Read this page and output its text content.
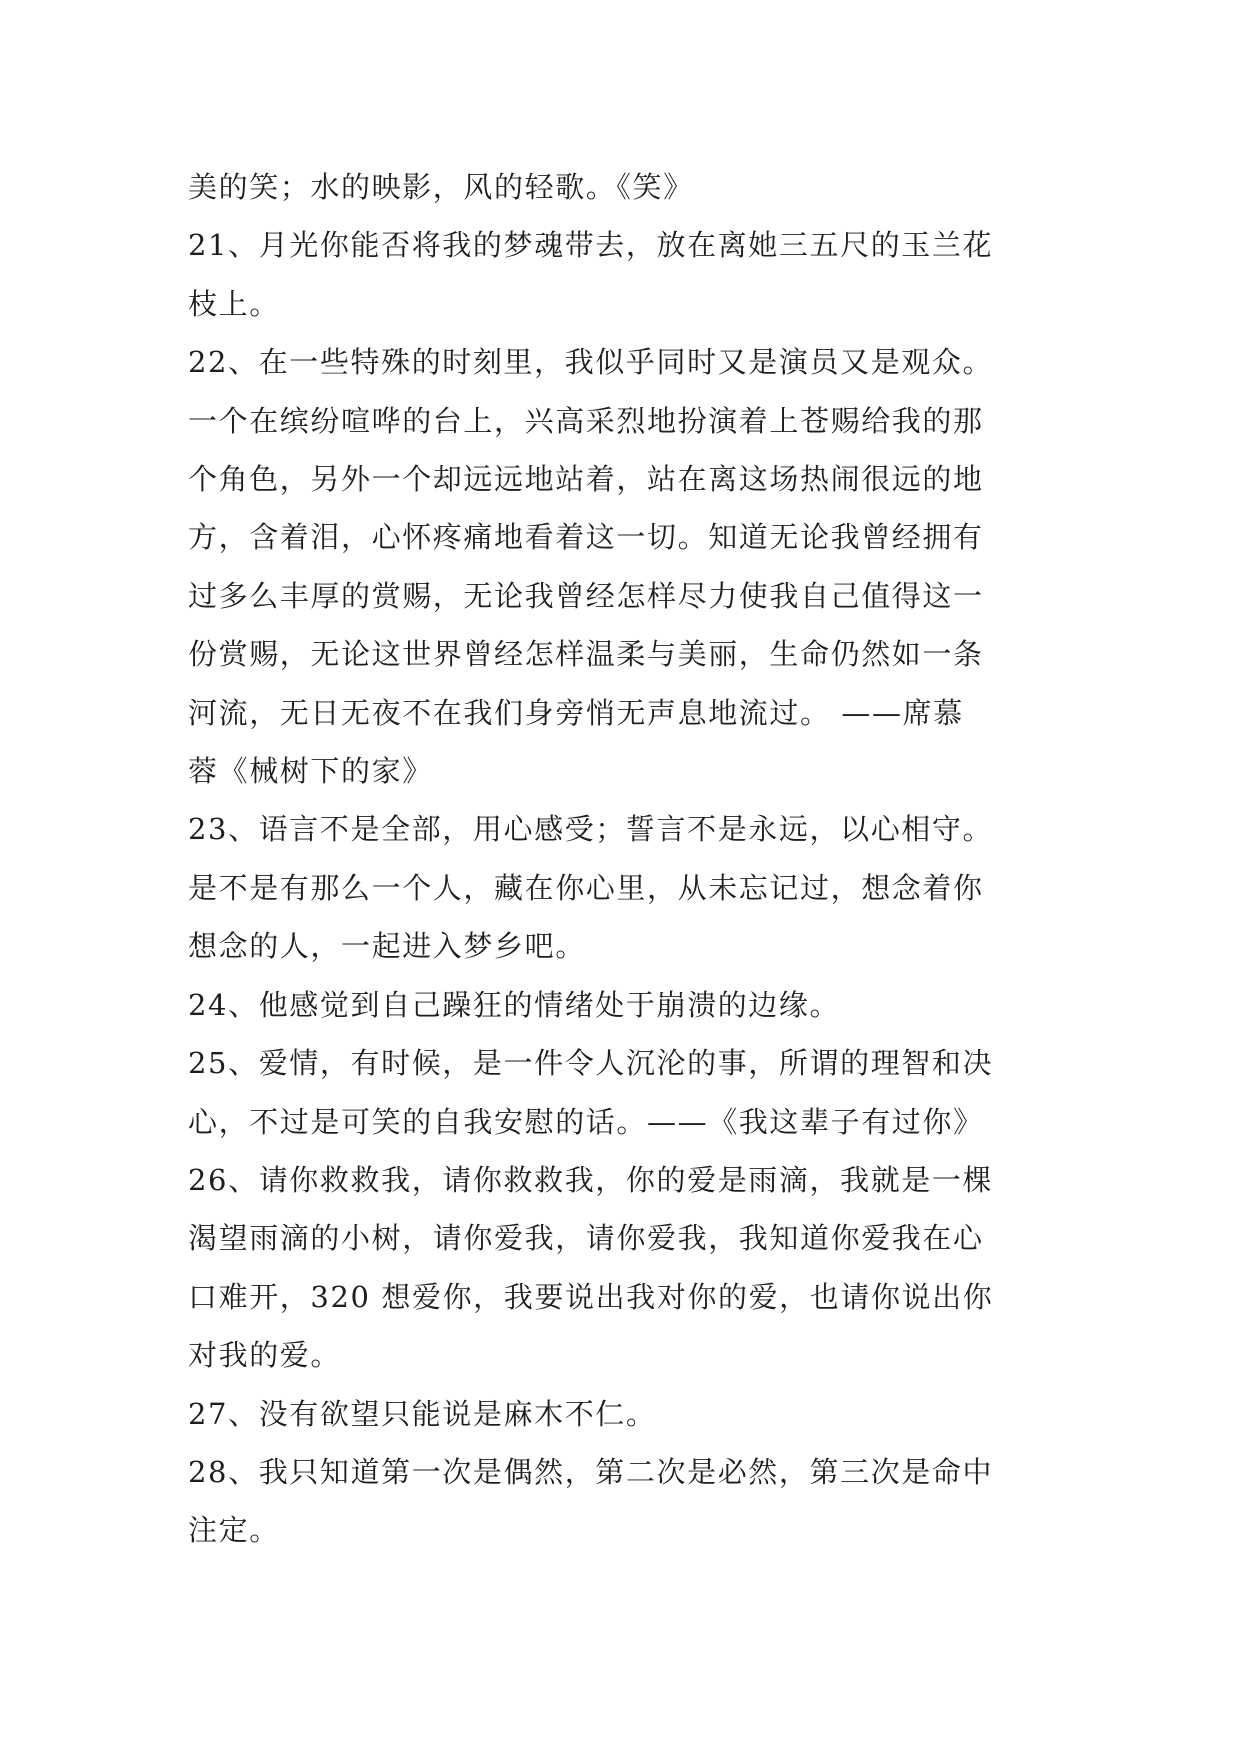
美的笑；水的映影，风的轻歌。《笑》
21、月光你能否将我的梦魂带去，放在离她三五尺的玉兰花
枝上。
22、在一些特殊的时刻里，我似乎同时又是演员又是观众。
一个在缤纷喧哗的台上，兴高采烈地扮演着上苍赐给我的那
个角色，另外一个却远远地站着，站在离这场热闹很远的地
方，含着泪，心怀疼痛地看着这一切。知道无论我曾经拥有
过多么丰厚的赏赐，无论我曾经怎样尽力使我自己值得这一
份赏赐，无论这世界曾经怎样温柔与美丽，生命仍然如一条
河流，无日无夜不在我们身旁悄无声息地流过。 ——席慕
蓉《械树下的家》
23、语言不是全部，用心感受；誓言不是永远，以心相守。
是不是有那么一个人，藏在你心里，从未忘记过，想念着你
想念的人，一起进入梦乡吧。
24、他感觉到自己躁狂的情绪处于崩溃的边缘。
25、爱情，有时候，是一件令人沉沦的事，所谓的理智和决
心，不过是可笑的自我安慰的话。——《我这辈子有过你》
26、请你救救我，请你救救我，你的爱是雨滴，我就是一棵
渴望雨滴的小树，请你爱我，请你爱我，我知道你爱我在心
口难开，320 想爱你，我要说出我对你的爱，也请你说出你
对我的爱。
27、没有欲望只能说是麻木不仁。
28、我只知道第一次是偶然，第二次是必然，第三次是命中
注定。
